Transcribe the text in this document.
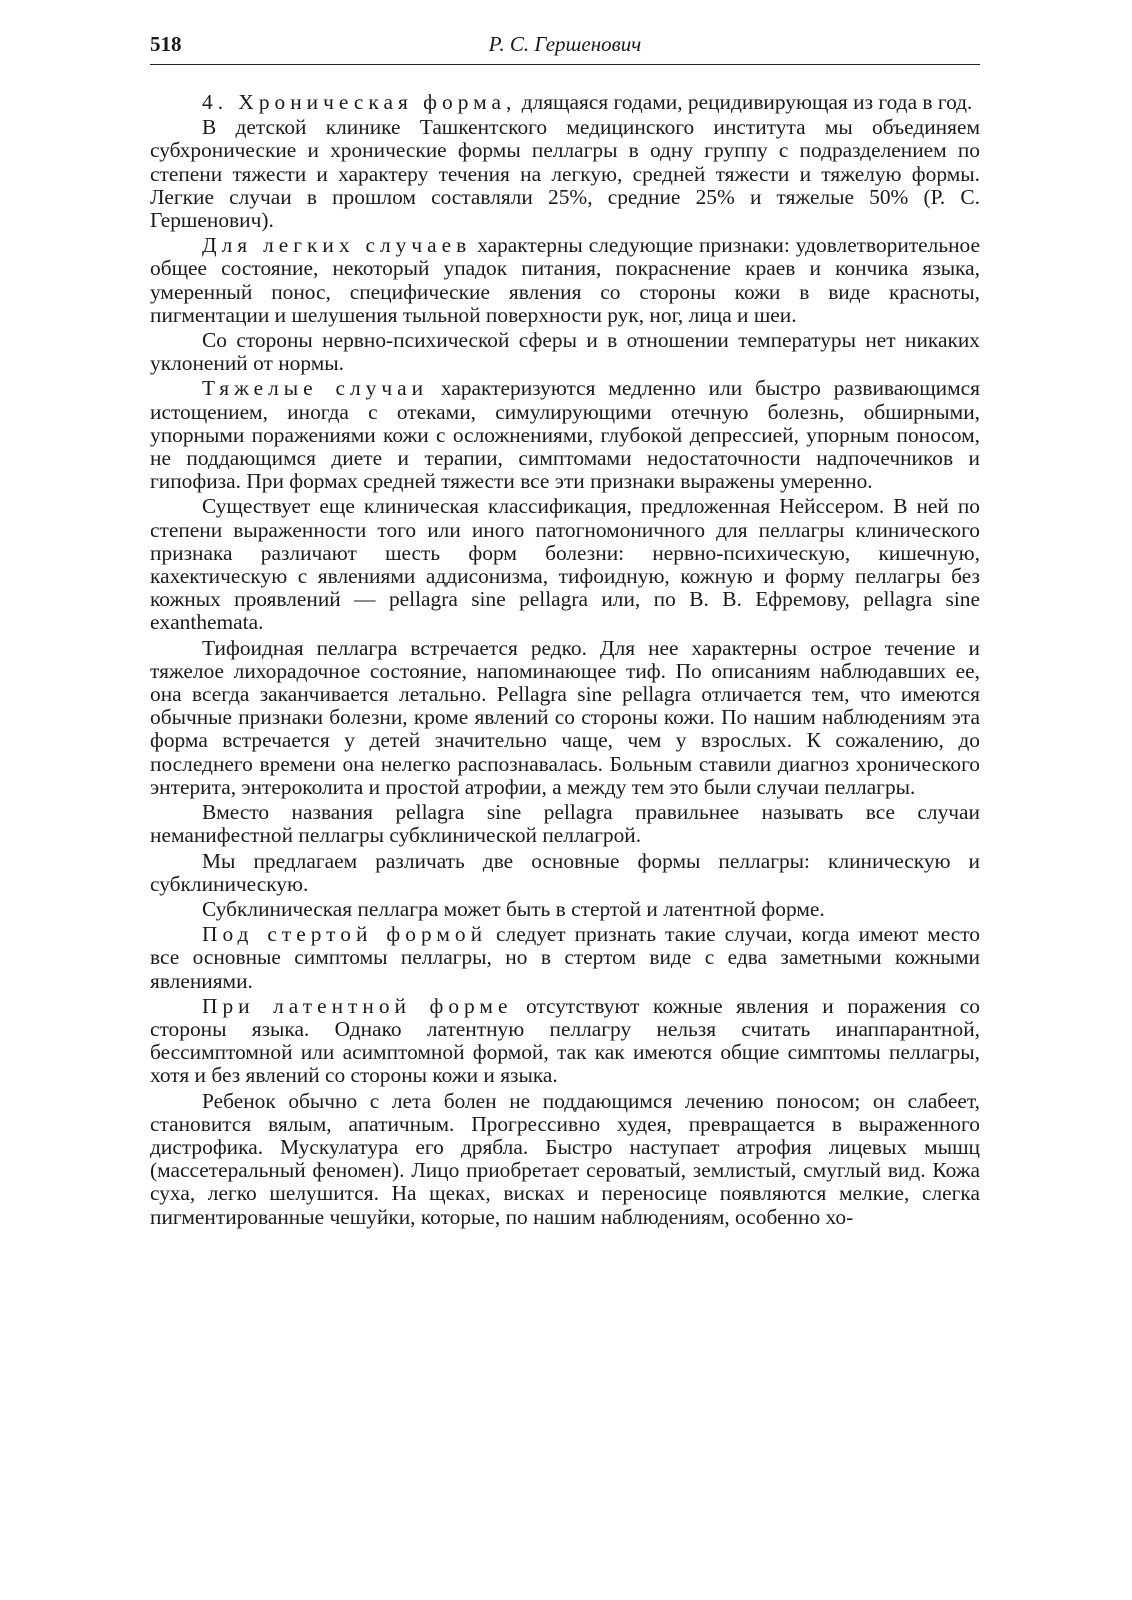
518	Р. С. Гершенович

4. Хроническая форма, длящаяся годами, рецидивирующая из года в год.

В детской клинике Ташкентского медицинского института мы объединяем субхронические и хронические формы пеллагры в одну группу с подразделением по степени тяжести и характеру течения на легкую, средней тяжести и тяжелую формы. Легкие случаи в прошлом составляли 25%, средние 25% и тяжелые 50% (Р. С. Гершенович).

Для легких случаев характерны следующие признаки: удовлетворительное общее состояние, некоторый упадок питания, покраснение краев и кончика языка, умеренный понос, специфические явления со стороны кожи в виде красноты, пигментации и шелушения тыльной поверхности рук, ног, лица и шеи.

Со стороны нервно-психической сферы и в отношении температуры нет никаких уклонений от нормы.

Тяжелые случаи характеризуются медленно или быстро развивающимся истощением, иногда с отеками, симулирующими отечную болезнь, обширными, упорными поражениями кожи с осложнениями, глубокой депрессией, упорным поносом, не поддающимся диете и терапии, симптомами недостаточности надпочечников и гипофиза. При формах средней тяжести все эти признаки выражены умеренно.

Существует еще клиническая классификация, предложенная Нейссером. В ней по степени выраженности того или иного патогномоничного для пеллагры клинического признака различают шесть форм болезни: нервно-психическую, кишечную, кахектическую с явлениями аддисонизма, тифоидную, кожную и форму пеллагры без кожных проявлений — pellagra sine pellagra или, по В. В. Ефремову, pellagra sine exanthemata.

Тифоидная пеллагра встречается редко. Для нее характерны острое течение и тяжелое лихорадочное состояние, напоминающее тиф. По описаниям наблюдавших ее, она всегда заканчивается летально. Pellagra sine pellagra отличается тем, что имеются обычные признаки болезни, кроме явлений со стороны кожи. По нашим наблюдениям эта форма встречается у детей значительно чаще, чем у взрослых. К сожалению, до последнего времени она нелегко распознавалась. Больным ставили диагноз хронического энтерита, энтероколита и простой атрофии, а между тем это были случаи пеллагры.

Вместо названия pellagra sine pellagra правильнее называть все случаи неманифестной пеллагры субклинической пеллагрой.

Мы предлагаем различать две основные формы пеллагры: клиническую и субклиническую.

Субклиническая пеллагра может быть в стертой и латентной форме.

Под стертой формой следует признать такие случаи, когда имеют место все основные симптомы пеллагры, но в стертом виде с едва заметными кожными явлениями.

При латентной форме отсутствуют кожные явления и поражения со стороны языка. Однако латентную пеллагру нельзя считать инаппарантной, бессимптомной или асимптомной формой, так как имеются общие симптомы пеллагры, хотя и без явлений со стороны кожи и языка.

Ребенок обычно с лета болен не поддающимся лечению поносом; он слабеет, становится вялым, апатичным. Прогрессивно худея, превращается в выраженного дистрофика. Мускулатура его дрябла. Быстро наступает атрофия лицевых мышц (массетеральный феномен). Лицо приобретает сероватый, землистый, смуглый вид. Кожа суха, легко шелушится. На щеках, висках и переносице появляются мелкие, слегка пигментированные чешуйки, которые, по нашим наблюдениям, особенно хо-
